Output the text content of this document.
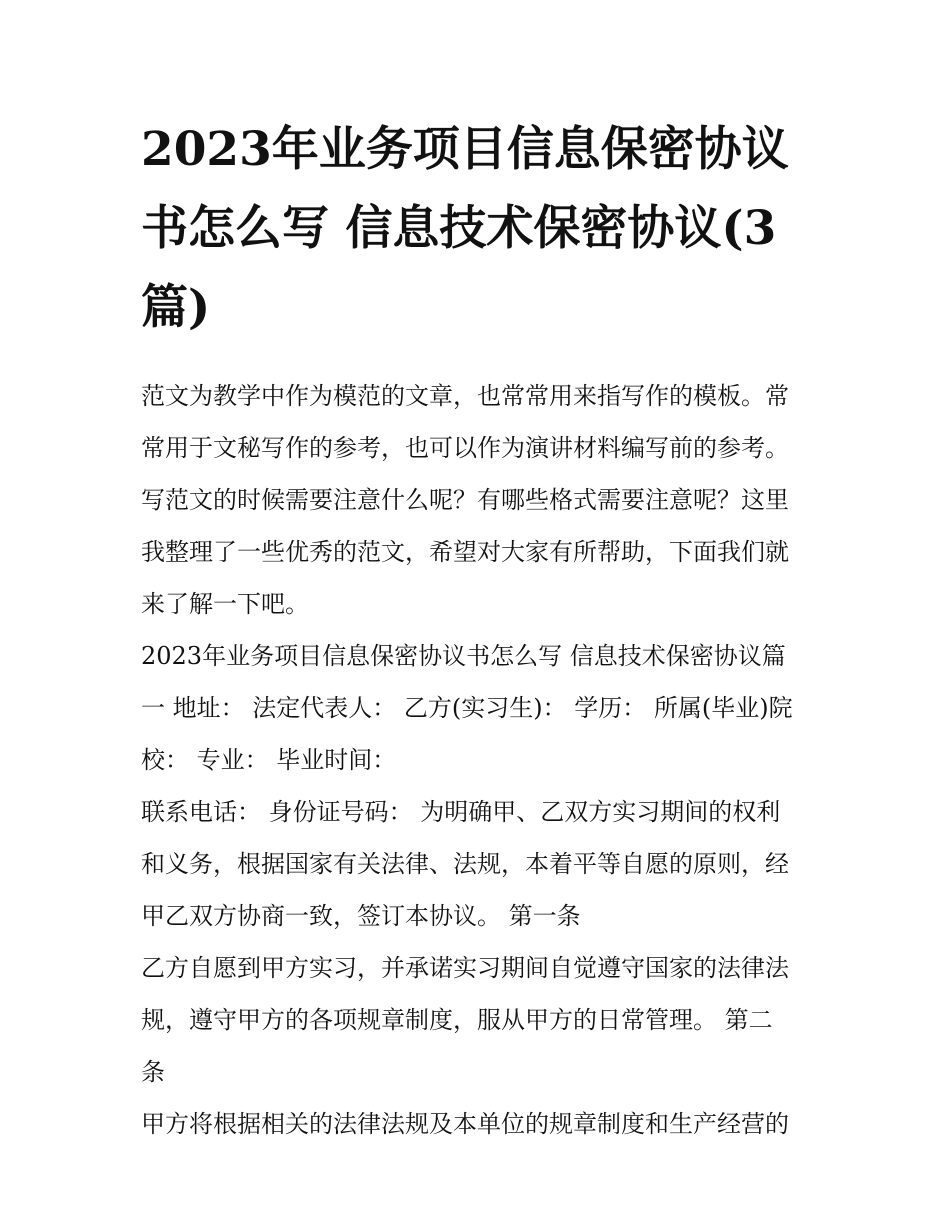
2023年业务项目信息保密协议
书怎么写 信息技术保密协议(3
篇)

范文为教学中作为模范的文章，也常常用来指写作的模板。常
常用于文秘写作的参考，也可以作为演讲材料编写前的参考。
写范文的时候需要注意什么呢？有哪些格式需要注意呢？这里
我整理了一些优秀的范文，希望对大家有所帮助，下面我们就
来了解一下吧。

2023年业务项目信息保密协议书怎么写 信息技术保密协议篇
一 地址： 法定代表人： 乙方(实习生)： 学历： 所属(毕业)院
校： 专业： 毕业时间：

联系电话： 身份证号码： 为明确甲、乙双方实习期间的权利
和义务，根据国家有关法律、法规，本着平等自愿的原则，经
甲乙双方协商一致，签订本协议。 第一条

乙方自愿到甲方实习，并承诺实习期间自觉遵守国家的法律法
规，遵守甲方的各项规章制度，服从甲方的日常管理。 第二
条

甲方将根据相关的法律法规及本单位的规章制度和生产经营的
